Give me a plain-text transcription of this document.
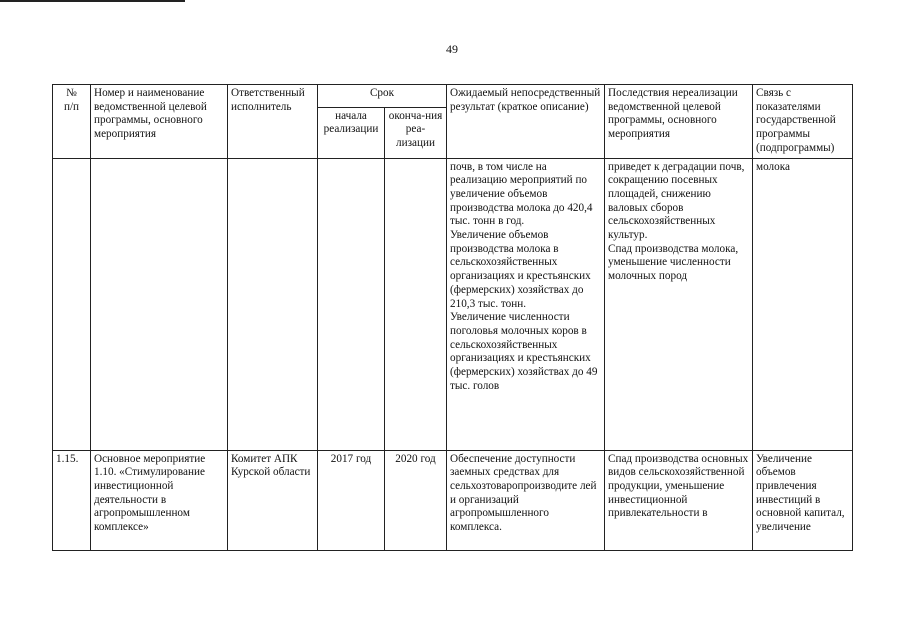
49
№
п/п	Номер и наименование ведомственной целевой программы, основного мероприятия	Ответственный исполнитель	Срок		Ожидаемый непосредственный результат (краткое описание)	Последствия нереализации ведомственной целевой программы, основного мероприятия	Связь с показателями государственной программы (подпрограммы)
			начала реализации	оконча-ния реа-лизации			
					почв, в том числе на реализацию мероприятий по увеличение объемов производства молока до 420,4 тыс. тонн в год.
Увеличение объемов производства молока в сельскохозяйственных организациях и крестьянских (фермерских) хозяйствах до 210,3 тыс. тонн.
Увеличение численности поголовья молочных коров в сельскохозяйственных организациях и крестьянских (фермерских) хозяйствах до 49 тыс. голов	приведет к деградации почв, сокращению посевных площадей, снижению валовых сборов сельскохозяйственных культур.
Спад производства молока, уменьшение численности молочных пород	молока
1.15.	Основное мероприятие 1.10. «Стимулирование инвестиционной деятельности в агропромышленном комплексе»	Комитет АПК Курской области	2017 год	2020 год	Обеспечение доступности заемных средствах для сельхозтоваропроизводите лей и организаций агропромышленного комплекса.	Спад производства основных видов сельскохозяйственной продукции, уменьшение инвестиционной привлекательности в	Увеличение объемов привлечения инвестиций в основной капитал, увеличение
